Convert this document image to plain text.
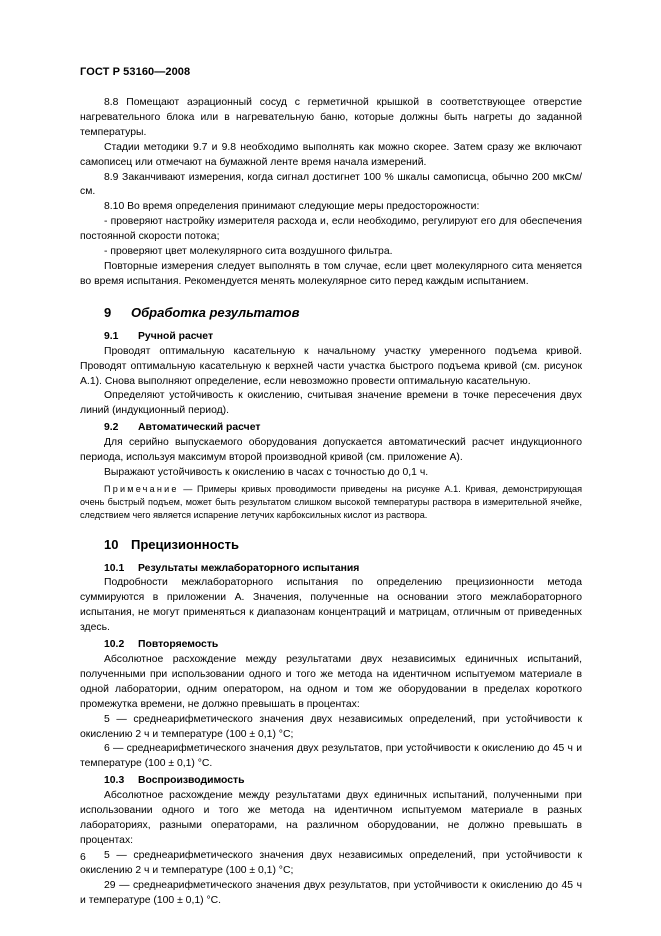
ГОСТ Р 53160—2008

8.8 Помещают аэрационный сосуд с герметичной крышкой в соответствующее отверстие нагревательного блока или в нагревательную баню, которые должны быть нагреты до заданной температуры.

Стадии методики 9.7 и 9.8 необходимо выполнять как можно скорее. Затем сразу же включают самописец или отмечают на бумажной ленте время начала измерений.

8.9 Заканчивают измерения, когда сигнал достигнет 100 % шкалы самописца, обычно 200 мкСм/см.

8.10 Во время определения принимают следующие меры предосторожности:

- проверяют настройку измерителя расхода и, если необходимо, регулируют его для обеспечения постоянной скорости потока;

- проверяют цвет молекулярного сита воздушного фильтра.

Повторные измерения следует выполнять в том случае, если цвет молекулярного сита меняется во время испытания. Рекомендуется менять молекулярное сито перед каждым испытанием.

9 Обработка результатов

9.1 Ручной расчет

Проводят оптимальную касательную к начальному участку умеренного подъема кривой. Проводят оптимальную касательную к верхней части участка быстрого подъема кривой (см. рисунок А.1). Снова выполняют определение, если невозможно провести оптимальную касательную.

Определяют устойчивость к окислению, считывая значение времени в точке пересечения двух линий (индукционный период).

9.2 Автоматический расчет

Для серийно выпускаемого оборудования допускается автоматический расчет индукционного периода, используя максимум второй производной кривой (см. приложение А).

Выражают устойчивость к окислению в часах с точностью до 0,1 ч.

Примечание — Примеры кривых проводимости приведены на рисунке А.1. Кривая, демонстрирующая очень быстрый подъем, может быть результатом слишком высокой температуры раствора в измерительной ячейке, следствием чего является испарение летучих карбоксильных кислот из раствора.

10 Прецизионность

10.1 Результаты межлабораторного испытания

Подробности межлабораторного испытания по определению прецизионности метода суммируются в приложении А. Значения, полученные на основании этого межлабораторного испытания, не могут применяться к диапазонам концентраций и матрицам, отличным от приведенных здесь.

10.2 Повторяемость

Абсолютное расхождение между результатами двух независимых единичных испытаний, полученными при использовании одного и того же метода на идентичном испытуемом материале в одной лаборатории, одним оператором, на одном и том же оборудовании в пределах короткого промежутка времени, не должно превышать в процентах:

5 — среднеарифметического значения двух независимых определений, при устойчивости к окислению 2 ч и температуре (100 ± 0,1) °С;

6 — среднеарифметического значения двух результатов, при устойчивости к окислению до 45 ч и температуре (100 ± 0,1) °С.

10.3 Воспроизводимость

Абсолютное расхождение между результатами двух единичных испытаний, полученными при использовании одного и того же метода на идентичном испытуемом материале в разных лабораториях, разными операторами, на различном оборудовании, не должно превышать в процентах:

5 — среднеарифметического значения двух независимых определений, при устойчивости к окислению 2 ч и температуре (100 ± 0,1) °С;

29 — среднеарифметического значения двух результатов, при устойчивости к окислению до 45 ч и температуре (100 ± 0,1) °С.

6
